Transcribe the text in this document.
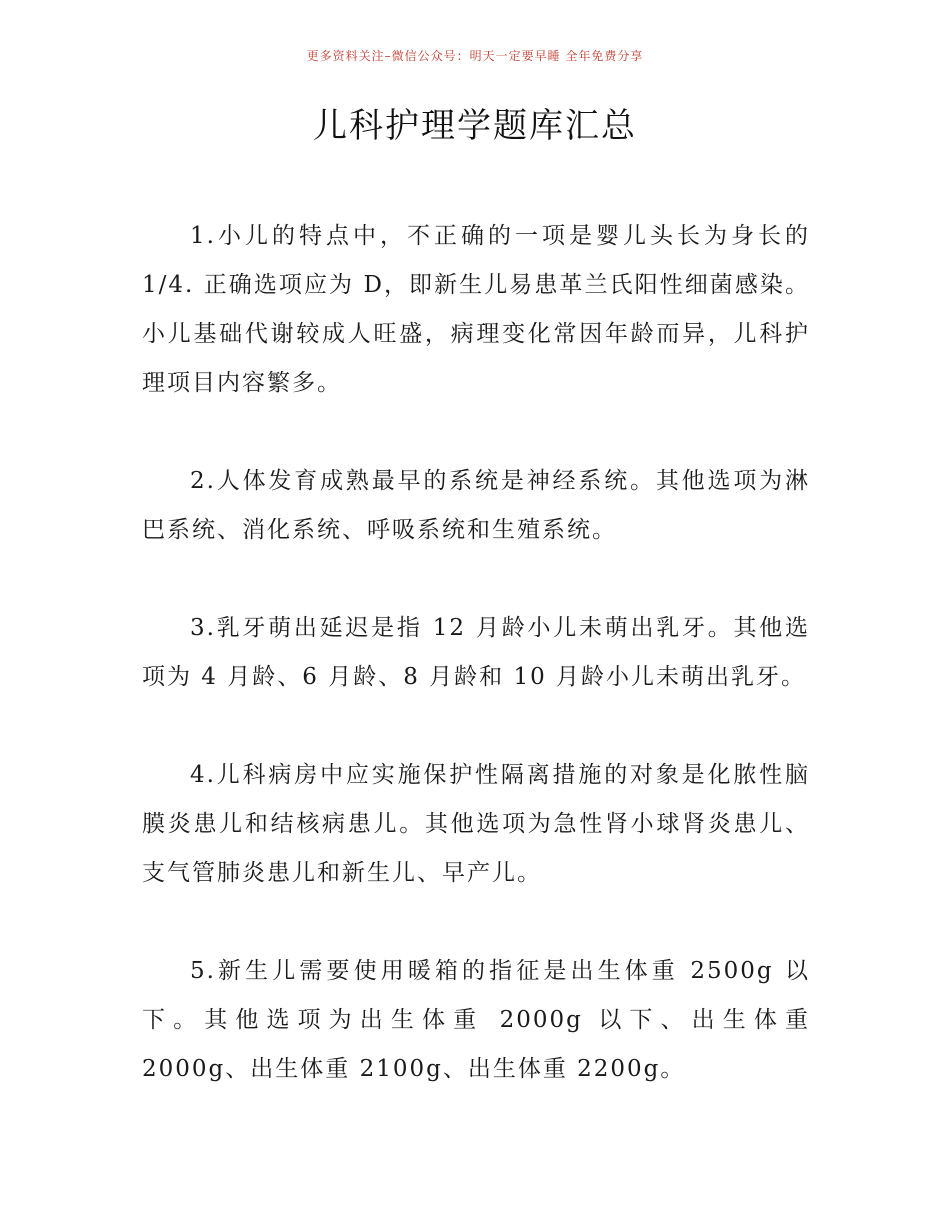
更多资料关注–微信公众号：明天一定要早睡 全年免费分享
儿科护理学题库汇总

1.小儿的特点中，不正确的一项是婴儿头长为身长的 1/4. 正确选项应为 D，即新生儿易患革兰氏阳性细菌感染。小儿基础代谢较成人旺盛，病理变化常因年龄而异，儿科护理项目内容繁多。

2.人体发育成熟最早的系统是神经系统。其他选项为淋巴系统、消化系统、呼吸系统和生殖系统。

3.乳牙萌出延迟是指 12 月龄小儿未萌出乳牙。其他选项为 4 月龄、6 月龄、8 月龄和 10 月龄小儿未萌出乳牙。

4.儿科病房中应实施保护性隔离措施的对象是化脓性脑膜炎患儿和结核病患儿。其他选项为急性肾小球肾炎患儿、支气管肺炎患儿和新生儿、早产儿。

5.新生儿需要使用暖箱的指征是出生体重 2500g 以下。其他选项为出生体重 2000g 以下、出生体重 2000g、出生体重 2100g、出生体重 2200g。
